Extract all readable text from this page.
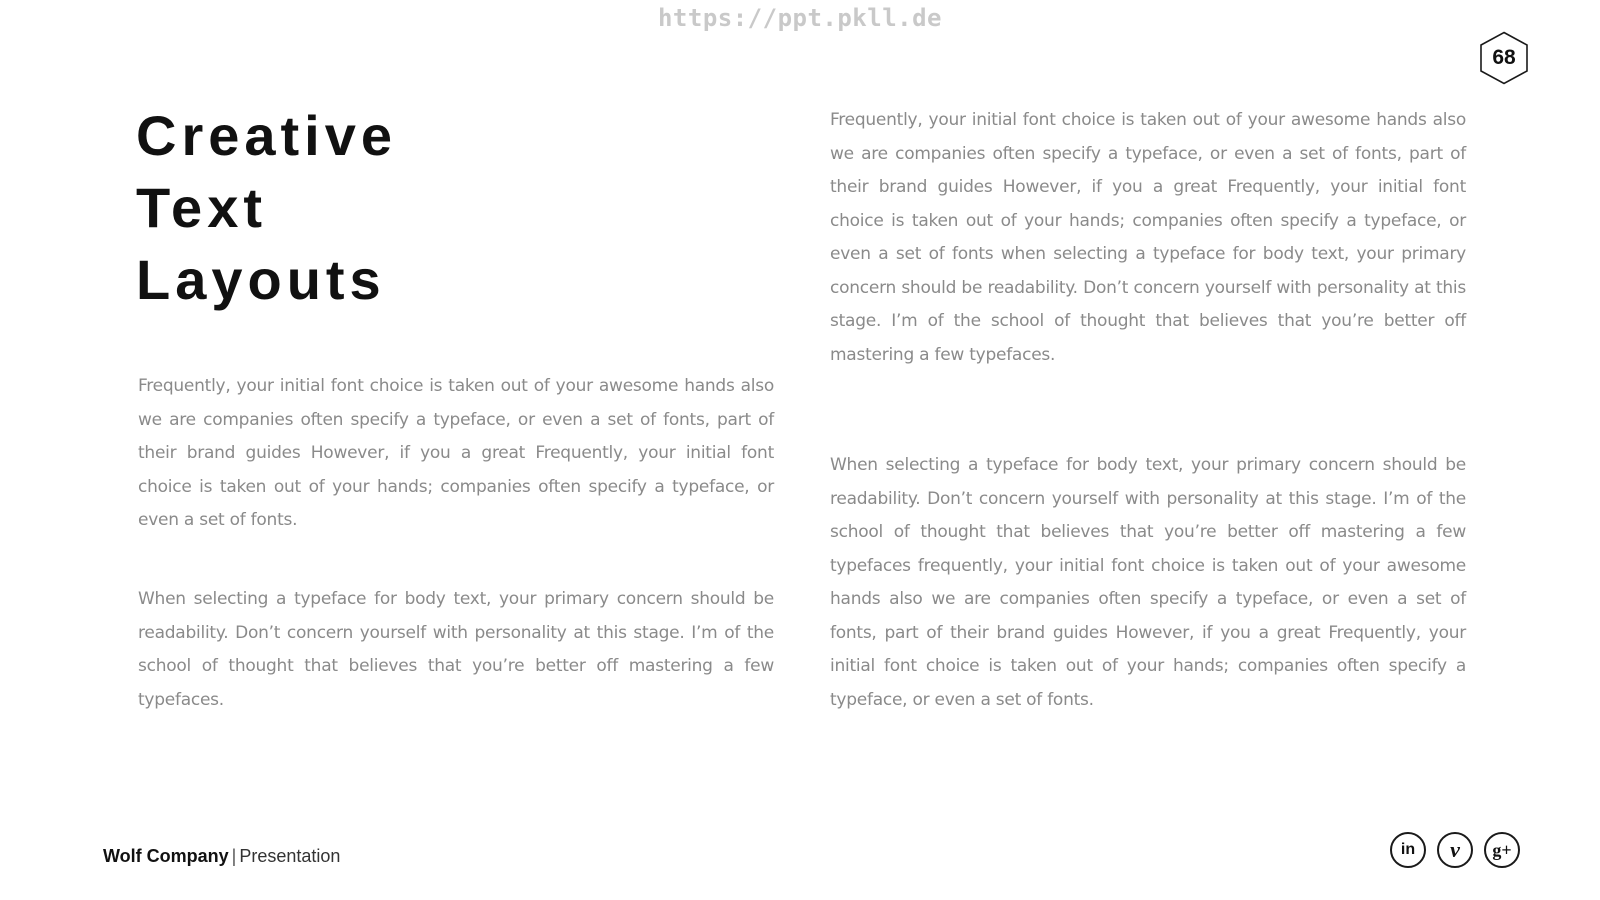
https://ppt.pkll.de
68
Creative
Text
Layouts

Frequently, your initial font choice is taken out of your awesome hands also we are companies often specify a typeface, or even a set of fonts, part of their brand guides However, if you a great Frequently, your initial font choice is taken out of your hands; companies often specify a typeface, or even a set of fonts.

When selecting a typeface for body text, your primary concern should be readability. Don’t concern yourself with personality at this stage. I’m of the school of thought that believes that you’re better off mastering a few typefaces.

Frequently, your initial font choice is taken out of your awesome hands also we are companies often specify a typeface, or even a set of fonts, part of their brand guides However, if you a great Frequently, your initial font choice is taken out of your hands; companies often specify a typeface, or even a set of fonts when selecting a typeface for body text, your primary concern should be readability. Don’t concern yourself with personality at this stage. I’m of the school of thought that believes that you’re better off mastering a few typefaces.

When selecting a typeface for body text, your primary concern should be readability. Don’t concern yourself with personality at this stage. I’m of the school of thought that believes that you’re better off mastering a few typefaces frequently, your initial font choice is taken out of your awesome hands also we are companies often specify a typeface, or even a set of fonts, part of their brand guides However, if you a great Frequently, your initial font choice is taken out of your hands; companies often specify a typeface, or even a set of fonts.

Wolf Company | Presentation	in	v	g+
